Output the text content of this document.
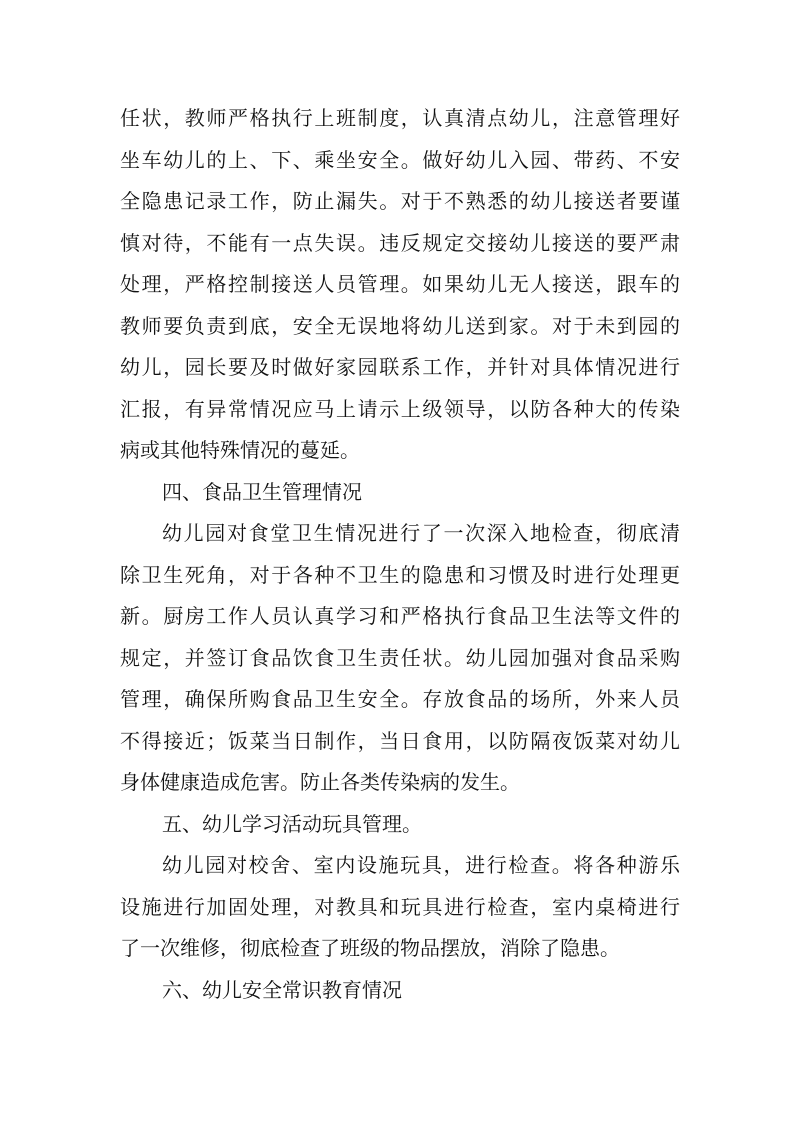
任状，教师严格执行上班制度，认真清点幼儿，注意管理好
坐车幼儿的上、下、乘坐安全。做好幼儿入园、带药、不安
全隐患记录工作，防止漏失。对于不熟悉的幼儿接送者要谨
慎对待，不能有一点失误。违反规定交接幼儿接送的要严肃
处理，严格控制接送人员管理。如果幼儿无人接送，跟车的
教师要负责到底，安全无误地将幼儿送到家。对于未到园的
幼儿，园长要及时做好家园联系工作，并针对具体情况进行
汇报，有异常情况应马上请示上级领导，以防各种大的传染
病或其他特殊情况的蔓延。
四、食品卫生管理情况
幼儿园对食堂卫生情况进行了一次深入地检查，彻底清
除卫生死角，对于各种不卫生的隐患和习惯及时进行处理更
新。厨房工作人员认真学习和严格执行食品卫生法等文件的
规定，并签订食品饮食卫生责任状。幼儿园加强对食品采购
管理，确保所购食品卫生安全。存放食品的场所，外来人员
不得接近；饭菜当日制作，当日食用，以防隔夜饭菜对幼儿
身体健康造成危害。防止各类传染病的发生。
五、幼儿学习活动玩具管理。
幼儿园对校舍、室内设施玩具，进行检查。将各种游乐
设施进行加固处理，对教具和玩具进行检查，室内桌椅进行
了一次维修，彻底检查了班级的物品摆放，消除了隐患。
六、幼儿安全常识教育情况
